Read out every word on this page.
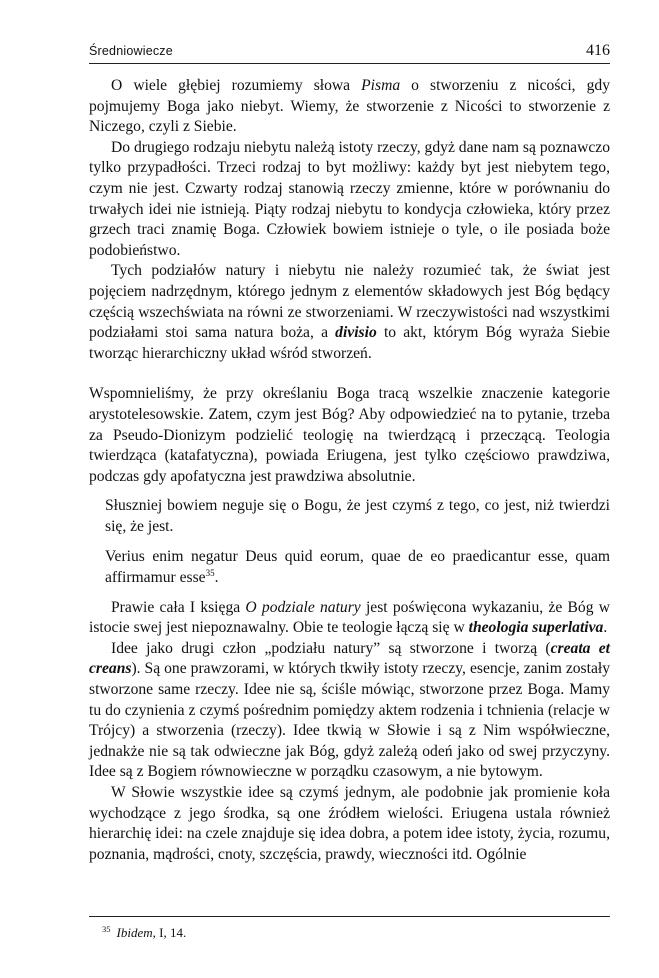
Średniowiecze	416

O wiele głębiej rozumiemy słowa Pisma o stworzeniu z nicości, gdy pojmujemy Boga jako niebyt. Wiemy, że stworzenie z Nicości to stworzenie z Niczego, czyli z Siebie.

Do drugiego rodzaju niebytu należą istoty rzeczy, gdyż dane nam są poznawczo tylko przypadłości. Trzeci rodzaj to byt możliwy: każdy byt jest niebytem tego, czym nie jest. Czwarty rodzaj stanowią rzeczy zmienne, które w porównaniu do trwałych idei nie istnieją. Piąty rodzaj niebytu to kondycja człowieka, który przez grzech traci znamię Boga. Człowiek bowiem istnieje o tyle, o ile posiada boże podobieństwo.

Tych podziałów natury i niebytu nie należy rozumieć tak, że świat jest pojęciem nadrzędnym, którego jednym z elementów składowych jest Bóg będący częścią wszechświata na równi ze stworzeniami. W rzeczywistości nad wszystkimi podziałami stoi sama natura boża, a divisio to akt, którym Bóg wyraża Siebie tworząc hierarchiczny układ wśród stworzeń.

Wspomnieliśmy, że przy określaniu Boga tracą wszelkie znaczenie kategorie arystotelesowskie. Zatem, czym jest Bóg? Aby odpowiedzieć na to pytanie, trzeba za Pseudo-Dionizym podzielić teologię na twierdzącą i przeczącą. Teologia twierdząca (katafatyczna), powiada Eriugena, jest tylko częściowo prawdziwa, podczas gdy apofatyczna jest prawdziwa absolutnie.

Słuszniej bowiem neguje się o Bogu, że jest czymś z tego, co jest, niż twierdzi się, że jest.

Verius enim negatur Deus quid eorum, quae de eo praedicantur esse, quam affirmamur esse$^{35}$.

Prawie cała I księga O podziale natury jest poświęcona wykazaniu, że Bóg w istocie swej jest niepoznawalny. Obie te teologie łączą się w theologia superlativa.

Idee jako drugi człon „podziału natury” są stworzone i tworzą (creata et creans). Są one prawzorami, w których tkwiły istoty rzeczy, esencje, zanim zostały stworzone same rzeczy. Idee nie są, ściśle mówiąc, stworzone przez Boga. Mamy tu do czynienia z czymś pośrednim pomiędzy aktem rodzenia i tchnienia (relacje w Trójcy) a stworzenia (rzeczy). Idee tkwią w Słowie i są z Nim współwieczne, jednakże nie są tak odwieczne jak Bóg, gdyż zależą odeń jako od swej przyczyny. Idee są z Bogiem równowieczne w porządku czasowym, a nie bytowym.

W Słowie wszystkie idee są czymś jednym, ale podobnie jak promienie koła wychodzące z jego środka, są one źródłem wielości. Eriugena ustala również hierarchię idei: na czele znajduje się idea dobra, a potem idee istoty, życia, rozumu, poznania, mądrości, cnoty, szczęścia, prawdy, wieczności itd. Ogólnie

$^{35}$ Ibidem, I, 14.
